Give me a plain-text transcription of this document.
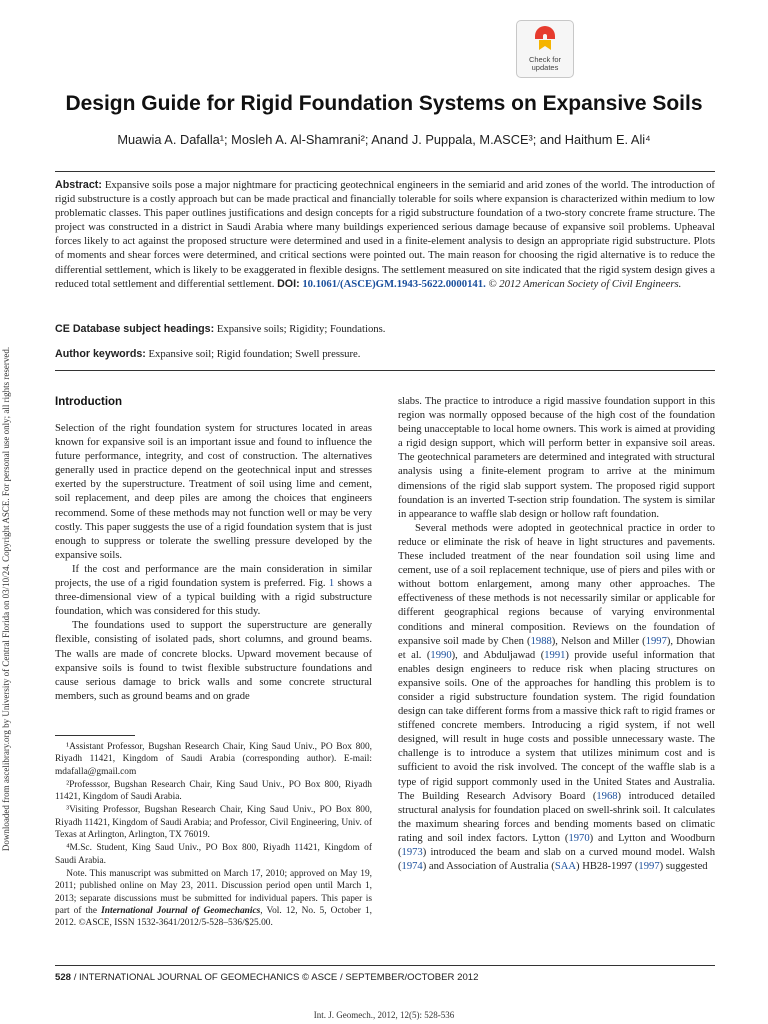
Check for
updates
Downloaded from ascelibrary.org by University of Central Florida on 03/10/24. Copyright ASCE. For personal use only; all rights reserved.
Design Guide for Rigid Foundation Systems on Expansive Soils
Muawia A. Dafalla¹; Mosleh A. Al-Shamrani²; Anand J. Puppala, M.ASCE³; and Haithum E. Ali⁴
Abstract: Expansive soils pose a major nightmare for practicing geotechnical engineers in the semiarid and arid zones of the world. The introduction of rigid substructure is a costly approach but can be made practical and financially tolerable for soils where expansion is characterized within medium to low problematic classes. This paper outlines justifications and design concepts for a rigid substructure foundation of a two-story concrete frame structure. The project was constructed in a district in Saudi Arabia where many buildings experienced serious damage because of expansive soil problems. Upheaval forces likely to act against the proposed structure were determined and used in a finite-element analysis to design an appropriate rigid substructure. Plots of moments and shear forces were determined, and critical sections were pointed out. The main reason for choosing the rigid alternative is to reduce the differential settlement, which is likely to be exaggerated in flexible designs. The settlement measured on site indicated that the rigid system design gives a reduced total settlement and differential settlement. DOI: 10.1061/(ASCE)GM.1943-5622.0000141. © 2012 American Society of Civil Engineers.
CE Database subject headings: Expansive soils; Rigidity; Foundations.
Author keywords: Expansive soil; Rigid foundation; Swell pressure.
Introduction

Selection of the right foundation system for structures located in areas known for expansive soil is an important issue and found to influence the future performance, integrity, and cost of construction. The alternatives generally used in practice depend on the geotechnical input and stresses exerted by the superstructure. Treatment of soil using lime and cement, soil replacement, and deep piles are among the choices that engineers recommend. Some of these methods may not function well or may be very costly. This paper suggests the use of a rigid foundation system that is just enough to suppress or tolerate the swelling pressure developed by the expansive soils.

If the cost and performance are the main consideration in similar projects, the use of a rigid foundation system is preferred. Fig. 1 shows a three-dimensional view of a typical building with a rigid substructure foundation, which was considered for this study.

The foundations used to support the superstructure are generally flexible, consisting of isolated pads, short columns, and ground beams. The walls are made of concrete blocks. Upward movement because of expansive soils is found to twist flexible substructure foundations and cause serious damage to brick walls and some concrete structural members, such as ground beams and on grade

¹Assistant Professor, Bugshan Research Chair, King Saud Univ., PO Box 800, Riyadh 11421, Kingdom of Saudi Arabia (corresponding author). E-mail: mdafalla@gmail.com

²Professsor, Bugshan Research Chair, King Saud Univ., PO Box 800, Riyadh 11421, Kingdom of Saudi Arabia.

³Visiting Professor, Bugshan Research Chair, King Saud Univ., PO Box 800, Riyadh 11421, Kingdom of Saudi Arabia; and Professor, Civil Engineering, Univ. of Texas at Arlington, Arlington, TX 76019.

⁴M.Sc. Student, King Saud Univ., PO Box 800, Riyadh 11421, Kingdom of Saudi Arabia.

Note. This manuscript was submitted on March 17, 2010; approved on May 19, 2011; published online on May 23, 2011. Discussion period open until March 1, 2013; separate discussions must be submitted for individual papers. This paper is part of the International Journal of Geomechanics, Vol. 12, No. 5, October 1, 2012. ©ASCE, ISSN 1532-3641/2012/5-528–536/$25.00.

slabs. The practice to introduce a rigid massive foundation support in this region was normally opposed because of the high cost of the foundation being unacceptable to local home owners. This work is aimed at providing a rigid design support, which will perform better in expansive soil areas. The geotechnical parameters are determined and integrated with structural analysis using a finite-element program to arrive at the minimum dimensions of the rigid slab support system. The proposed rigid support foundation is an inverted T-section strip foundation. The system is similar in appearance to waffle slab design or hollow raft foundation.

Several methods were adopted in geotechnical practice in order to reduce or eliminate the risk of heave in light structures and pavements. These included treatment of the near foundation soil using lime and cement, use of a soil replacement technique, use of piers and piles with or without bottom enlargement, among many other approaches. The effectiveness of these methods is not necessarily similar or applicable for different geographical regions because of varying environmental conditions and mineral composition. Reviews on the foundation of expansive soil made by Chen (1988), Nelson and Miller (1997), Dhowian et al. (1990), and Abduljawad (1991) provide useful information that enables design engineers to reduce risk when placing structures on expansive soils. One of the approaches for handling this problem is to consider a rigid substructure foundation system. The rigid foundation design can take different forms from a massive thick raft to rigid frames or stiffened concrete members. Introducing a rigid system, if not well designed, will result in huge costs and possible unnecessary waste. The challenge is to introduce a system that utilizes minimum cost and is sufficient to avoid the risk involved. The concept of the waffle slab is a type of rigid support commonly used in the United States and Australia. The Building Research Advisory Board (1968) introduced detailed structural analysis for foundation placed on swell-shrink soil. It calculates the maximum shearing forces and bending moments based on climatic rating and soil index factors. Lytton (1970) and Lytton and Woodburn (1973) introduced the beam and slab on a curved mound model. Walsh (1974) and Association of Australia (SAA) HB28-1997 (1997) suggested

528 / INTERNATIONAL JOURNAL OF GEOMECHANICS © ASCE / SEPTEMBER/OCTOBER 2012
Int. J. Geomech., 2012, 12(5): 528-536
